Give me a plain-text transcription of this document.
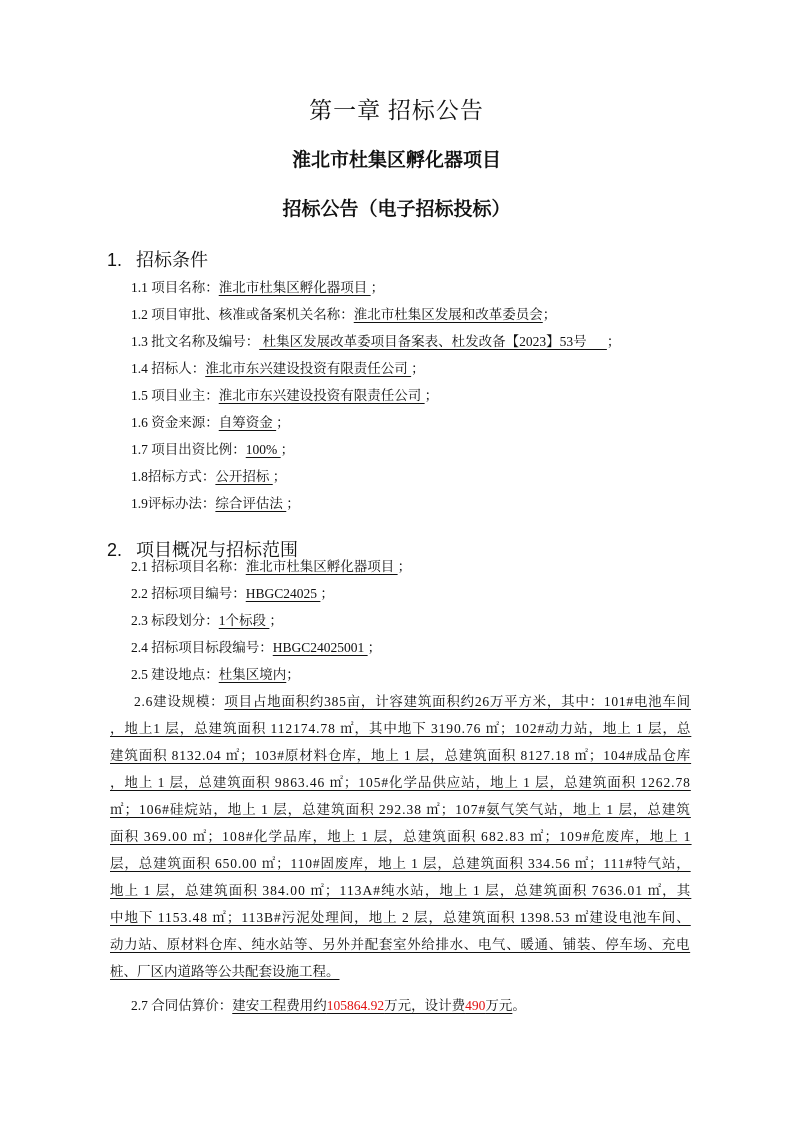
第一章 招标公告
淮北市杜集区孵化器项目
招标公告（电子招标投标）
1. 招标条件
1.1 项目名称：淮北市杜集区孵化器项目 ；
1.2 项目审批、核准或备案机关名称：淮北市杜集区发展和改革委员会；
1.3 批文名称及编号： 杜集区发展改革委项目备案表、杜发改备【2023】53号      ；
1.4 招标人：淮北市东兴建设投资有限责任公司 ；
1.5 项目业主：淮北市东兴建设投资有限责任公司 ；
1.6 资金来源：自筹资金 ；
1.7 项目出资比例：100% ；
1.8招标方式：公开招标 ；
1.9评标办法：综合评估法 ；
2. 项目概况与招标范围
2.1 招标项目名称：淮北市杜集区孵化器项目 ；
2.2 招标项目编号：HBGC24025 ；
2.3 标段划分：1个标段 ；
2.4 招标项目标段编号：HBGC24025001 ；
2.5 建设地点：杜集区境内；
2.6建设规模：项目占地面积约385亩，计容建筑面积约26万平方米，其中：101#电池车间
，地上1 层，总建筑面积 112174.78 ㎡，其中地下 3190.76 ㎡；102#动力站，地上 1 层，总
建筑面积 8132.04 ㎡；103#原材料仓库，地上 1 层，总建筑面积 8127.18 ㎡；104#成品仓库
，地上 1 层，总建筑面积 9863.46 ㎡；105#化学品供应站，地上 1 层，总建筑面积 1262.78
㎡；106#硅烷站，地上 1 层，总建筑面积 292.38 ㎡；107#氨气笑气站，地上 1 层，总建筑
面积 369.00 ㎡；108#化学品库，地上 1 层，总建筑面积 682.83 ㎡；109#危废库，地上 1
层，总建筑面积 650.00 ㎡；110#固废库，地上 1 层，总建筑面积 334.56 ㎡；111#特气站，
地上 1 层，总建筑面积 384.00 ㎡；113A#纯水站，地上 1 层，总建筑面积 7636.01 ㎡，其
中地下 1153.48 ㎡；113B#污泥处理间，地上 2 层，总建筑面积 1398.53 ㎡建设电池车间、
动力站、原材料仓库、纯水站等、另外并配套室外给排水、电气、暖通、铺装、停车场、充电
桩、厂区内道路等公共配套设施工程。
2.7 合同估算价：建安工程费用约105864.92万元，设计费490万元。
